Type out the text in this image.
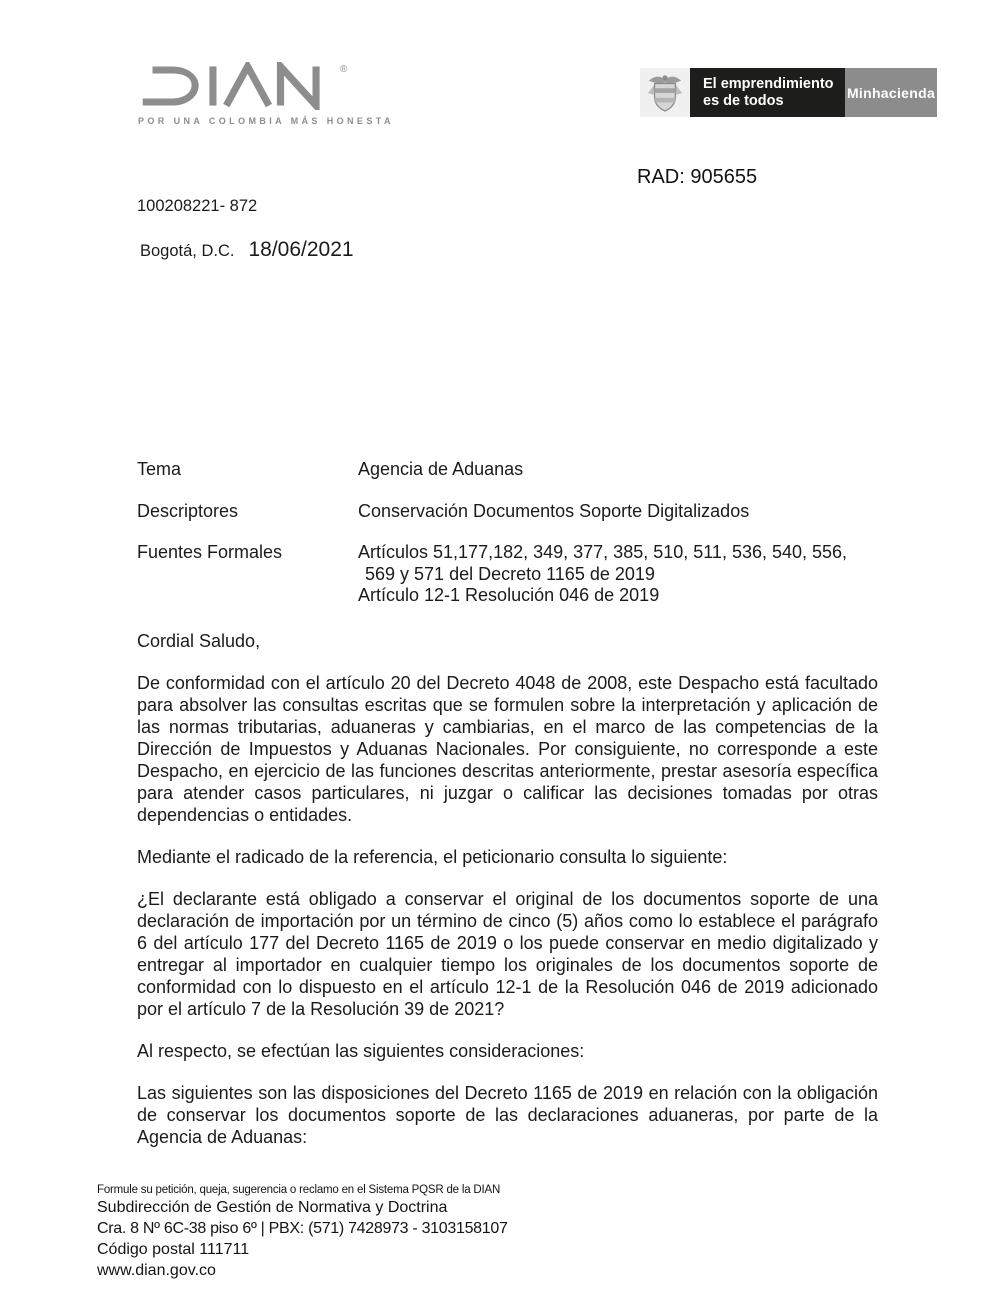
®
POR UNA COLOMBIA MÁS HONESTA
El emprendimiento
es de todos	Minhacienda
RAD: 905655
100208221- 872
Bogotá, D.C. 18/06/2021
Tema	Agencia de Aduanas
Descriptores	Conservación Documentos Soporte Digitalizados
Fuentes Formales	Artículos 51,177,182, 349, 377, 385, 510, 511, 536, 540, 556,
569 y 571 del Decreto 1165 de 2019
Artículo 12-1 Resolución 046 de 2019

Cordial Saludo,

De conformidad con el artículo 20 del Decreto 4048 de 2008, este Despacho está facultado para absolver las consultas escritas que se formulen sobre la interpretación y aplicación de las normas tributarias, aduaneras y cambiarias, en el marco de las competencias de la Dirección de Impuestos y Aduanas Nacionales. Por consiguiente, no corresponde a este Despacho, en ejercicio de las funciones descritas anteriormente, prestar asesoría específica para atender casos particulares, ni juzgar o calificar las decisiones tomadas por otras dependencias o entidades.

Mediante el radicado de la referencia, el peticionario consulta lo siguiente:

¿El declarante está obligado a conservar el original de los documentos soporte de una declaración de importación por un término de cinco (5) años como lo establece el parágrafo 6 del artículo 177 del Decreto 1165 de 2019 o los puede conservar en medio digitalizado y entregar al importador en cualquier tiempo los originales de los documentos soporte de conformidad con lo dispuesto en el artículo 12-1 de la Resolución 046 de 2019 adicionado por el artículo 7 de la Resolución 39 de 2021?

Al respecto, se efectúan las siguientes consideraciones:

Las siguientes son las disposiciones del Decreto 1165 de 2019 en relación con la obligación de conservar los documentos soporte de las declaraciones aduaneras, por parte de la Agencia de Aduanas:

Formule su petición, queja, sugerencia o reclamo en el Sistema PQSR de la DIAN
Subdirección de Gestión de Normativa y Doctrina
Cra. 8 Nº 6C-38 piso 6º | PBX: (571) 7428973 - 3103158107
Código postal 111711
www.dian.gov.co
